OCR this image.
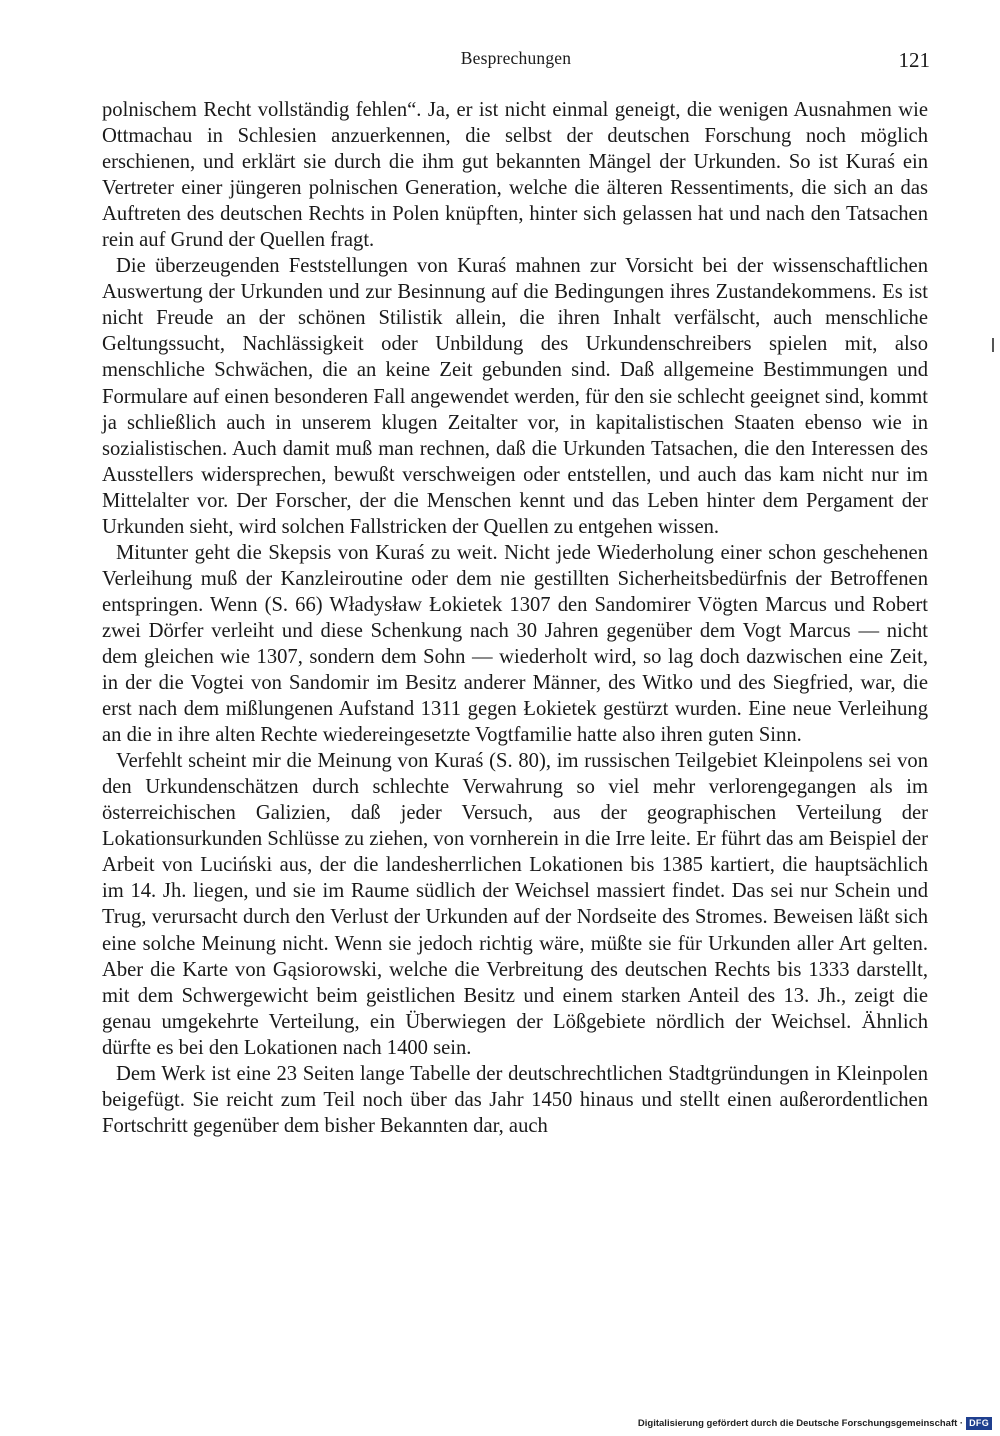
Besprechungen	121

polnischem Recht vollständig fehlen“. Ja, er ist nicht einmal geneigt, die wenigen Ausnahmen wie Ottmachau in Schlesien anzuerkennen, die selbst der deutschen Forschung noch möglich erschienen, und erklärt sie durch die ihm gut bekannten Mängel der Urkunden. So ist Kuraś ein Vertreter einer jüngeren polnischen Generation, welche die älteren Ressentiments, die sich an das Auftreten des deutschen Rechts in Polen knüpften, hinter sich gelassen hat und nach den Tatsachen rein auf Grund der Quellen fragt.

Die überzeugenden Feststellungen von Kuraś mahnen zur Vorsicht bei der wissenschaftlichen Auswertung der Urkunden und zur Besinnung auf die Bedingungen ihres Zustandekommens. Es ist nicht Freude an der schönen Stilistik allein, die ihren Inhalt verfälscht, auch menschliche Geltungssucht, Nachlässigkeit oder Unbildung des Urkundenschreibers spielen mit, also menschliche Schwächen, die an keine Zeit gebunden sind. Daß allgemeine Bestimmungen und Formulare auf einen besonderen Fall angewendet werden, für den sie schlecht geeignet sind, kommt ja schließlich auch in unserem klugen Zeitalter vor, in kapitalistischen Staaten ebenso wie in sozialistischen. Auch damit muß man rechnen, daß die Urkunden Tatsachen, die den Interessen des Ausstellers widersprechen, bewußt verschweigen oder entstellen, und auch das kam nicht nur im Mittelalter vor. Der Forscher, der die Menschen kennt und das Leben hinter dem Pergament der Urkunden sieht, wird solchen Fallstricken der Quellen zu entgehen wissen.

Mitunter geht die Skepsis von Kuraś zu weit. Nicht jede Wiederholung einer schon geschehenen Verleihung muß der Kanzleiroutine oder dem nie gestillten Sicherheitsbedürfnis der Betroffenen entspringen. Wenn (S. 66) Władysław Łokietek 1307 den Sandomirer Vögten Marcus und Robert zwei Dörfer verleiht und diese Schenkung nach 30 Jahren gegenüber dem Vogt Marcus — nicht dem gleichen wie 1307, sondern dem Sohn — wiederholt wird, so lag doch dazwischen eine Zeit, in der die Vogtei von Sandomir im Besitz anderer Männer, des Witko und des Siegfried, war, die erst nach dem mißlungenen Aufstand 1311 gegen Łokietek gestürzt wurden. Eine neue Verleihung an die in ihre alten Rechte wiedereingesetzte Vogtfamilie hatte also ihren guten Sinn.

Verfehlt scheint mir die Meinung von Kuraś (S. 80), im russischen Teilgebiet Kleinpolens sei von den Urkundenschätzen durch schlechte Verwahrung so viel mehr verlorengegangen als im österreichischen Galizien, daß jeder Versuch, aus der geographischen Verteilung der Lokationsurkunden Schlüsse zu ziehen, von vornherein in die Irre leite. Er führt das am Beispiel der Arbeit von Luciński aus, der die landesherrlichen Lokationen bis 1385 kartiert, die hauptsächlich im 14. Jh. liegen, und sie im Raume südlich der Weichsel massiert findet. Das sei nur Schein und Trug, verursacht durch den Verlust der Urkunden auf der Nordseite des Stromes. Beweisen läßt sich eine solche Meinung nicht. Wenn sie jedoch richtig wäre, müßte sie für Urkunden aller Art gelten. Aber die Karte von Gąsiorowski, welche die Verbreitung des deutschen Rechts bis 1333 darstellt, mit dem Schwergewicht beim geistlichen Besitz und einem starken Anteil des 13. Jh., zeigt die genau umgekehrte Verteilung, ein Überwiegen der Lößgebiete nördlich der Weichsel. Ähnlich dürfte es bei den Lokationen nach 1400 sein.

Dem Werk ist eine 23 Seiten lange Tabelle der deutschrechtlichen Stadtgründungen in Kleinpolen beigefügt. Sie reicht zum Teil noch über das Jahr 1450 hinaus und stellt einen außerordentlichen Fortschritt gegenüber dem bisher Bekannten dar, auch

Digitalisierung gefördert durch die Deutsche Forschungsgemeinschaft · DFG
